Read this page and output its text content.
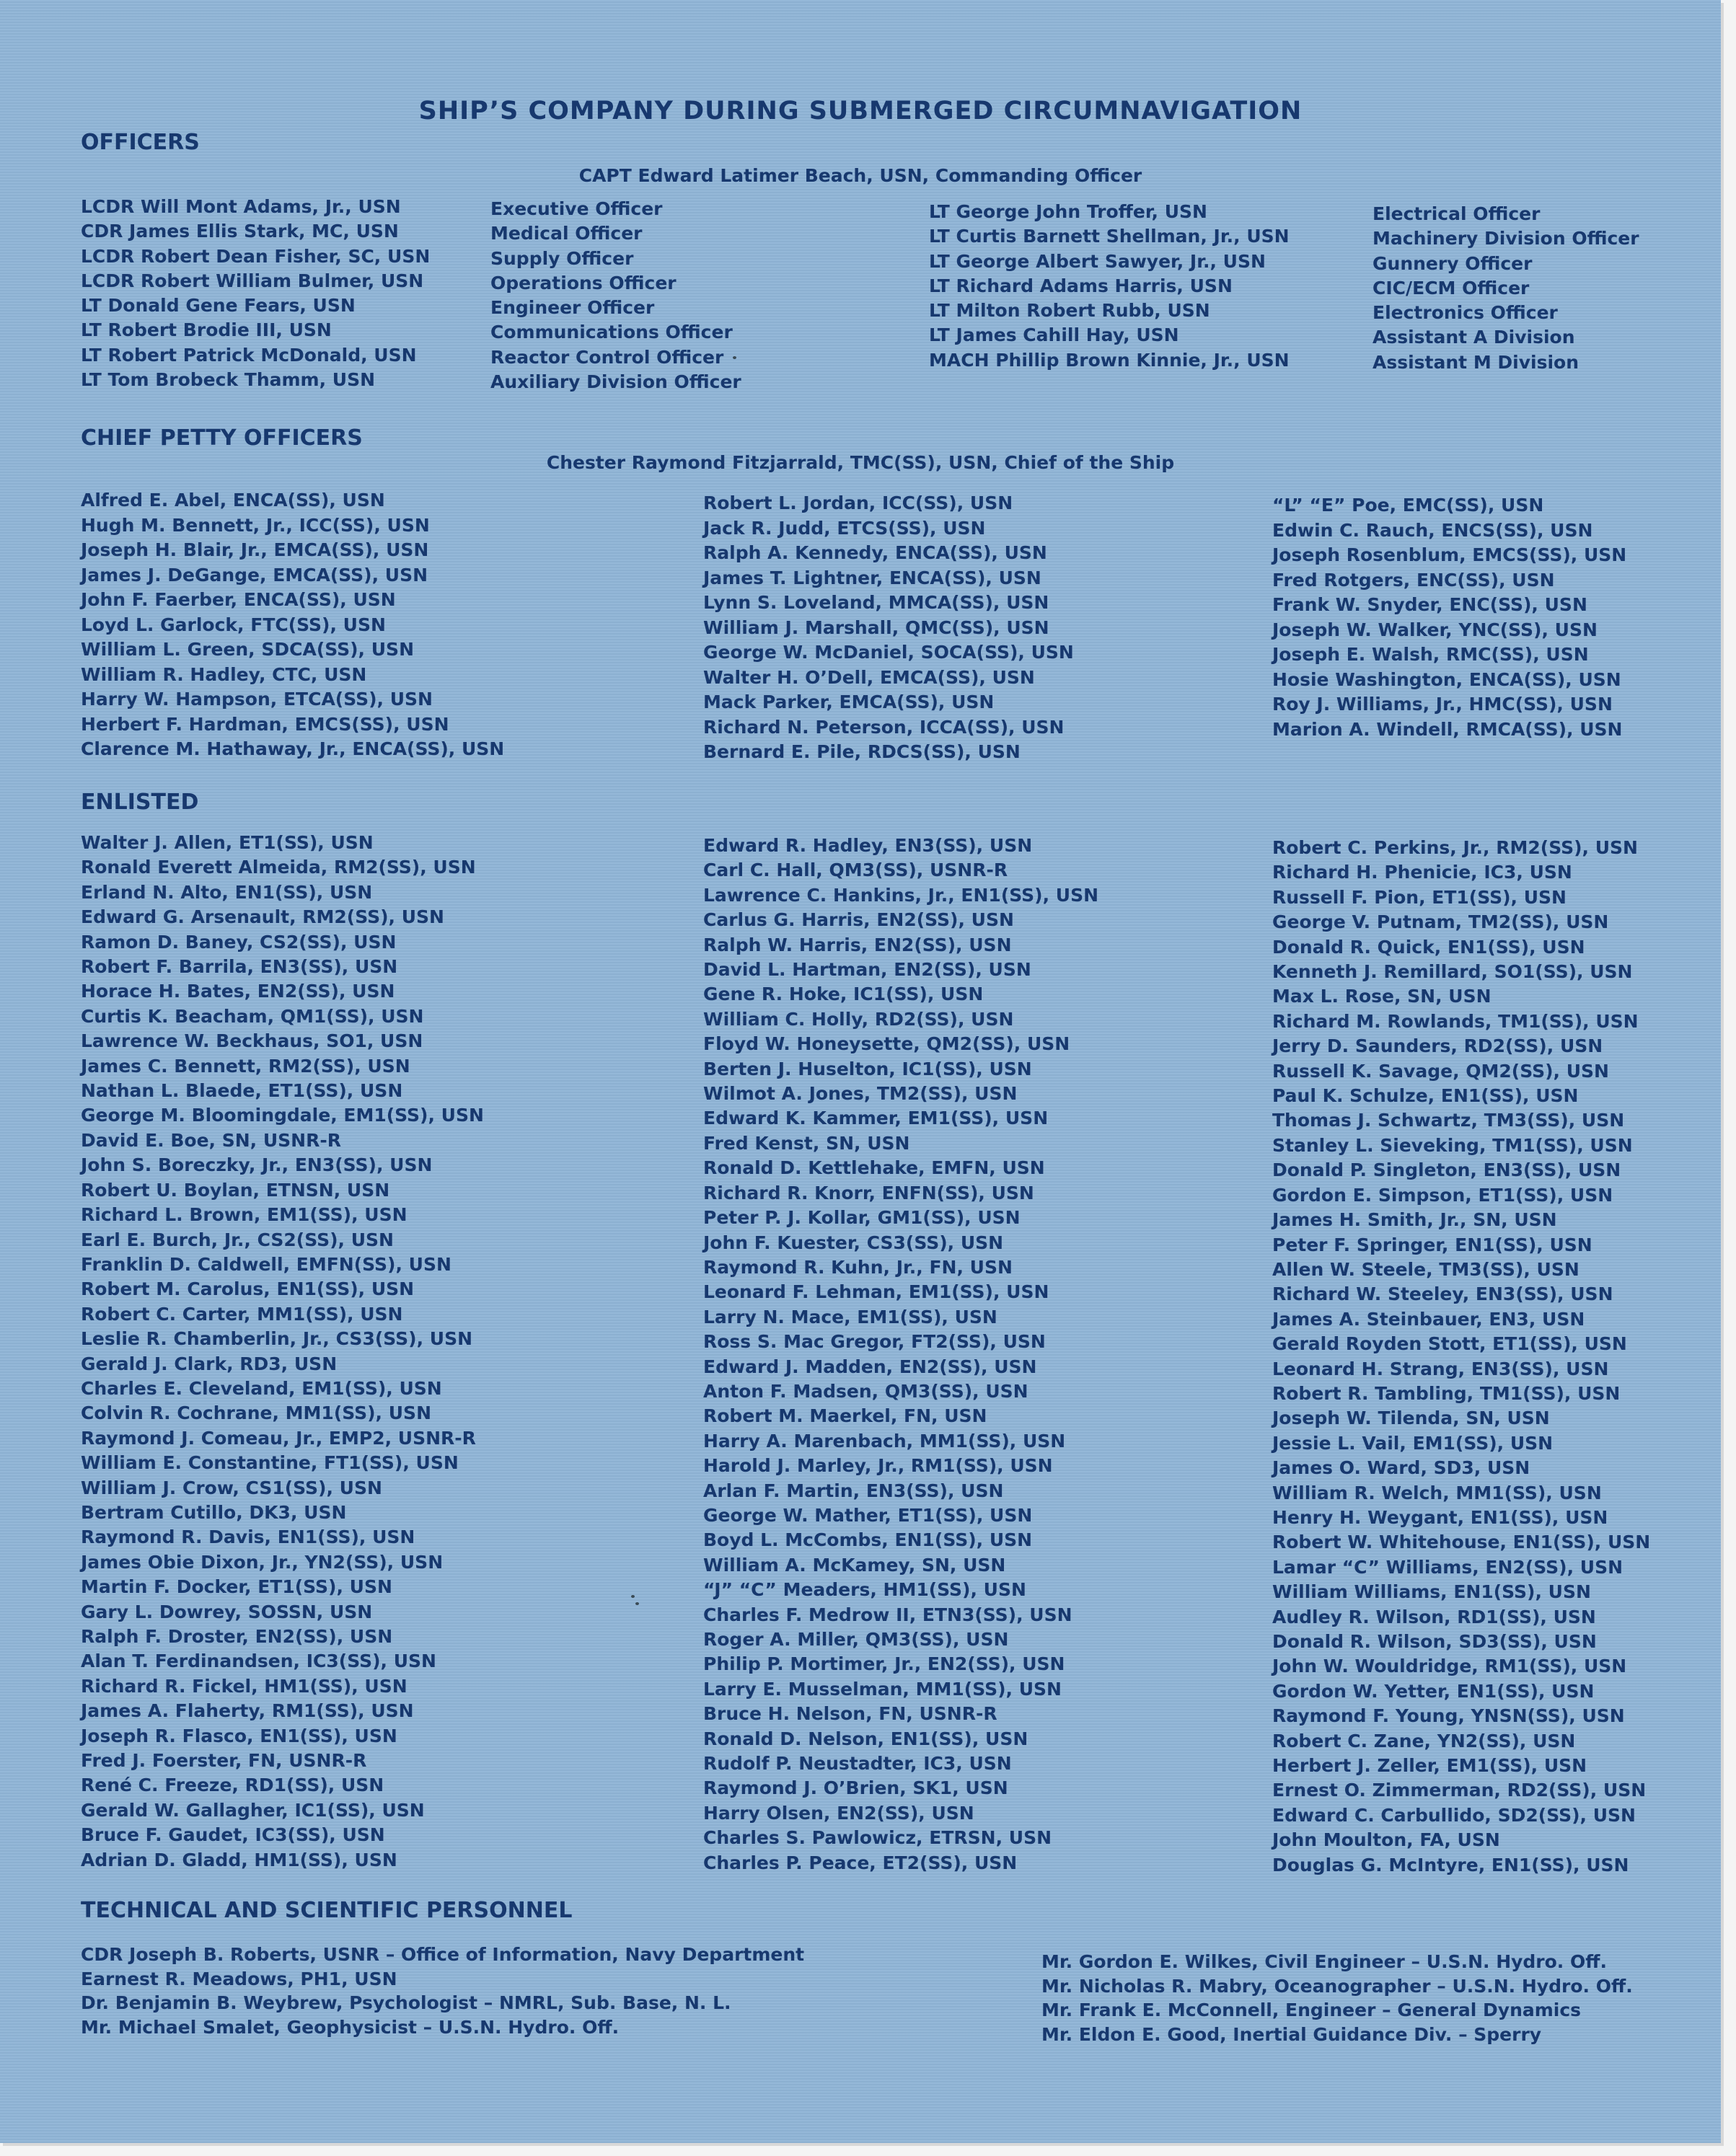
SHIP’S COMPANY DURING SUBMERGED CIRCUMNAVIGATION
OFFICERS
CAPT Edward Latimer Beach, USN, Commanding Officer
LCDR Will Mont Adams, Jr., USN
CDR James Ellis Stark, MC, USN
LCDR Robert Dean Fisher, SC, USN
LCDR Robert William Bulmer, USN
LT Donald Gene Fears, USN
LT Robert Brodie III, USN
LT Robert Patrick McDonald, USN
LT Tom Brobeck Thamm, USN
Executive Officer
Medical Officer
Supply Officer
Operations Officer
Engineer Officer
Communications Officer
Reactor Control Officer
Auxiliary Division Officer
LT George John Troffer, USN
LT Curtis Barnett Shellman, Jr., USN
LT George Albert Sawyer, Jr., USN
LT Richard Adams Harris, USN
LT Milton Robert Rubb, USN
LT James Cahill Hay, USN
MACH Phillip Brown Kinnie, Jr., USN
Electrical Officer
Machinery Division Officer
Gunnery Officer
CIC/ECM Officer
Electronics Officer
Assistant A Division
Assistant M Division
CHIEF PETTY OFFICERS
Chester Raymond Fitzjarrald, TMC(SS), USN, Chief of the Ship
Alfred E. Abel, ENCA(SS), USN
Hugh M. Bennett, Jr., ICC(SS), USN
Joseph H. Blair, Jr., EMCA(SS), USN
James J. DeGange, EMCA(SS), USN
John F. Faerber, ENCA(SS), USN
Loyd L. Garlock, FTC(SS), USN
William L. Green, SDCA(SS), USN
William R. Hadley, CTC, USN
Harry W. Hampson, ETCA(SS), USN
Herbert F. Hardman, EMCS(SS), USN
Clarence M. Hathaway, Jr., ENCA(SS), USN
Robert L. Jordan, ICC(SS), USN
Jack R. Judd, ETCS(SS), USN
Ralph A. Kennedy, ENCA(SS), USN
James T. Lightner, ENCA(SS), USN
Lynn S. Loveland, MMCA(SS), USN
William J. Marshall, QMC(SS), USN
George W. McDaniel, SOCA(SS), USN
Walter H. O’Dell, EMCA(SS), USN
Mack Parker, EMCA(SS), USN
Richard N. Peterson, ICCA(SS), USN
Bernard E. Pile, RDCS(SS), USN
“L” “E” Poe, EMC(SS), USN
Edwin C. Rauch, ENCS(SS), USN
Joseph Rosenblum, EMCS(SS), USN
Fred Rotgers, ENC(SS), USN
Frank W. Snyder, ENC(SS), USN
Joseph W. Walker, YNC(SS), USN
Joseph E. Walsh, RMC(SS), USN
Hosie Washington, ENCA(SS), USN
Roy J. Williams, Jr., HMC(SS), USN
Marion A. Windell, RMCA(SS), USN
ENLISTED
Walter J. Allen, ET1(SS), USN
Ronald Everett Almeida, RM2(SS), USN
Erland N. Alto, EN1(SS), USN
Edward G. Arsenault, RM2(SS), USN
Ramon D. Baney, CS2(SS), USN
Robert F. Barrila, EN3(SS), USN
Horace H. Bates, EN2(SS), USN
Curtis K. Beacham, QM1(SS), USN
Lawrence W. Beckhaus, SO1, USN
James C. Bennett, RM2(SS), USN
Nathan L. Blaede, ET1(SS), USN
George M. Bloomingdale, EM1(SS), USN
David E. Boe, SN, USNR-R
John S. Boreczky, Jr., EN3(SS), USN
Robert U. Boylan, ETNSN, USN
Richard L. Brown, EM1(SS), USN
Earl E. Burch, Jr., CS2(SS), USN
Franklin D. Caldwell, EMFN(SS), USN
Robert M. Carolus, EN1(SS), USN
Robert C. Carter, MM1(SS), USN
Leslie R. Chamberlin, Jr., CS3(SS), USN
Gerald J. Clark, RD3, USN
Charles E. Cleveland, EM1(SS), USN
Colvin R. Cochrane, MM1(SS), USN
Raymond J. Comeau, Jr., EMP2, USNR-R
William E. Constantine, FT1(SS), USN
William J. Crow, CS1(SS), USN
Bertram Cutillo, DK3, USN
Raymond R. Davis, EN1(SS), USN
James Obie Dixon, Jr., YN2(SS), USN
Martin F. Docker, ET1(SS), USN
Gary L. Dowrey, SOSSN, USN
Ralph F. Droster, EN2(SS), USN
Alan T. Ferdinandsen, IC3(SS), USN
Richard R. Fickel, HM1(SS), USN
James A. Flaherty, RM1(SS), USN
Joseph R. Flasco, EN1(SS), USN
Fred J. Foerster, FN, USNR-R
René C. Freeze, RD1(SS), USN
Gerald W. Gallagher, IC1(SS), USN
Bruce F. Gaudet, IC3(SS), USN
Adrian D. Gladd, HM1(SS), USN
Edward R. Hadley, EN3(SS), USN
Carl C. Hall, QM3(SS), USNR-R
Lawrence C. Hankins, Jr., EN1(SS), USN
Carlus G. Harris, EN2(SS), USN
Ralph W. Harris, EN2(SS), USN
David L. Hartman, EN2(SS), USN
Gene R. Hoke, IC1(SS), USN
William C. Holly, RD2(SS), USN
Floyd W. Honeysette, QM2(SS), USN
Berten J. Huselton, IC1(SS), USN
Wilmot A. Jones, TM2(SS), USN
Edward K. Kammer, EM1(SS), USN
Fred Kenst, SN, USN
Ronald D. Kettlehake, EMFN, USN
Richard R. Knorr, ENFN(SS), USN
Peter P. J. Kollar, GM1(SS), USN
John F. Kuester, CS3(SS), USN
Raymond R. Kuhn, Jr., FN, USN
Leonard F. Lehman, EM1(SS), USN
Larry N. Mace, EM1(SS), USN
Ross S. Mac Gregor, FT2(SS), USN
Edward J. Madden, EN2(SS), USN
Anton F. Madsen, QM3(SS), USN
Robert M. Maerkel, FN, USN
Harry A. Marenbach, MM1(SS), USN
Harold J. Marley, Jr., RM1(SS), USN
Arlan F. Martin, EN3(SS), USN
George W. Mather, ET1(SS), USN
Boyd L. McCombs, EN1(SS), USN
William A. McKamey, SN, USN
“J” “C” Meaders, HM1(SS), USN
Charles F. Medrow II, ETN3(SS), USN
Roger A. Miller, QM3(SS), USN
Philip P. Mortimer, Jr., EN2(SS), USN
Larry E. Musselman, MM1(SS), USN
Bruce H. Nelson, FN, USNR-R
Ronald D. Nelson, EN1(SS), USN
Rudolf P. Neustadter, IC3, USN
Raymond J. O’Brien, SK1, USN
Harry Olsen, EN2(SS), USN
Charles S. Pawlowicz, ETRSN, USN
Charles P. Peace, ET2(SS), USN
Robert C. Perkins, Jr., RM2(SS), USN
Richard H. Phenicie, IC3, USN
Russell F. Pion, ET1(SS), USN
George V. Putnam, TM2(SS), USN
Donald R. Quick, EN1(SS), USN
Kenneth J. Remillard, SO1(SS), USN
Max L. Rose, SN, USN
Richard M. Rowlands, TM1(SS), USN
Jerry D. Saunders, RD2(SS), USN
Russell K. Savage, QM2(SS), USN
Paul K. Schulze, EN1(SS), USN
Thomas J. Schwartz, TM3(SS), USN
Stanley L. Sieveking, TM1(SS), USN
Donald P. Singleton, EN3(SS), USN
Gordon E. Simpson, ET1(SS), USN
James H. Smith, Jr., SN, USN
Peter F. Springer, EN1(SS), USN
Allen W. Steele, TM3(SS), USN
Richard W. Steeley, EN3(SS), USN
James A. Steinbauer, EN3, USN
Gerald Royden Stott, ET1(SS), USN
Leonard H. Strang, EN3(SS), USN
Robert R. Tambling, TM1(SS), USN
Joseph W. Tilenda, SN, USN
Jessie L. Vail, EM1(SS), USN
James O. Ward, SD3, USN
William R. Welch, MM1(SS), USN
Henry H. Weygant, EN1(SS), USN
Robert W. Whitehouse, EN1(SS), USN
Lamar “C” Williams, EN2(SS), USN
William Williams, EN1(SS), USN
Audley R. Wilson, RD1(SS), USN
Donald R. Wilson, SD3(SS), USN
John W. Wouldridge, RM1(SS), USN
Gordon W. Yetter, EN1(SS), USN
Raymond F. Young, YNSN(SS), USN
Robert C. Zane, YN2(SS), USN
Herbert J. Zeller, EM1(SS), USN
Ernest O. Zimmerman, RD2(SS), USN
Edward C. Carbullido, SD2(SS), USN
John Moulton, FA, USN
Douglas G. McIntyre, EN1(SS), USN
TECHNICAL AND SCIENTIFIC PERSONNEL
CDR Joseph B. Roberts, USNR – Office of Information, Navy Department
Earnest R. Meadows, PH1, USN
Dr. Benjamin B. Weybrew, Psychologist – NMRL, Sub. Base, N. L.
Mr. Michael Smalet, Geophysicist – U.S.N. Hydro. Off.
Mr. Gordon E. Wilkes, Civil Engineer – U.S.N. Hydro. Off.
Mr. Nicholas R. Mabry, Oceanographer – U.S.N. Hydro. Off.
Mr. Frank E. McConnell, Engineer – General Dynamics
Mr. Eldon E. Good, Inertial Guidance Div. – Sperry
